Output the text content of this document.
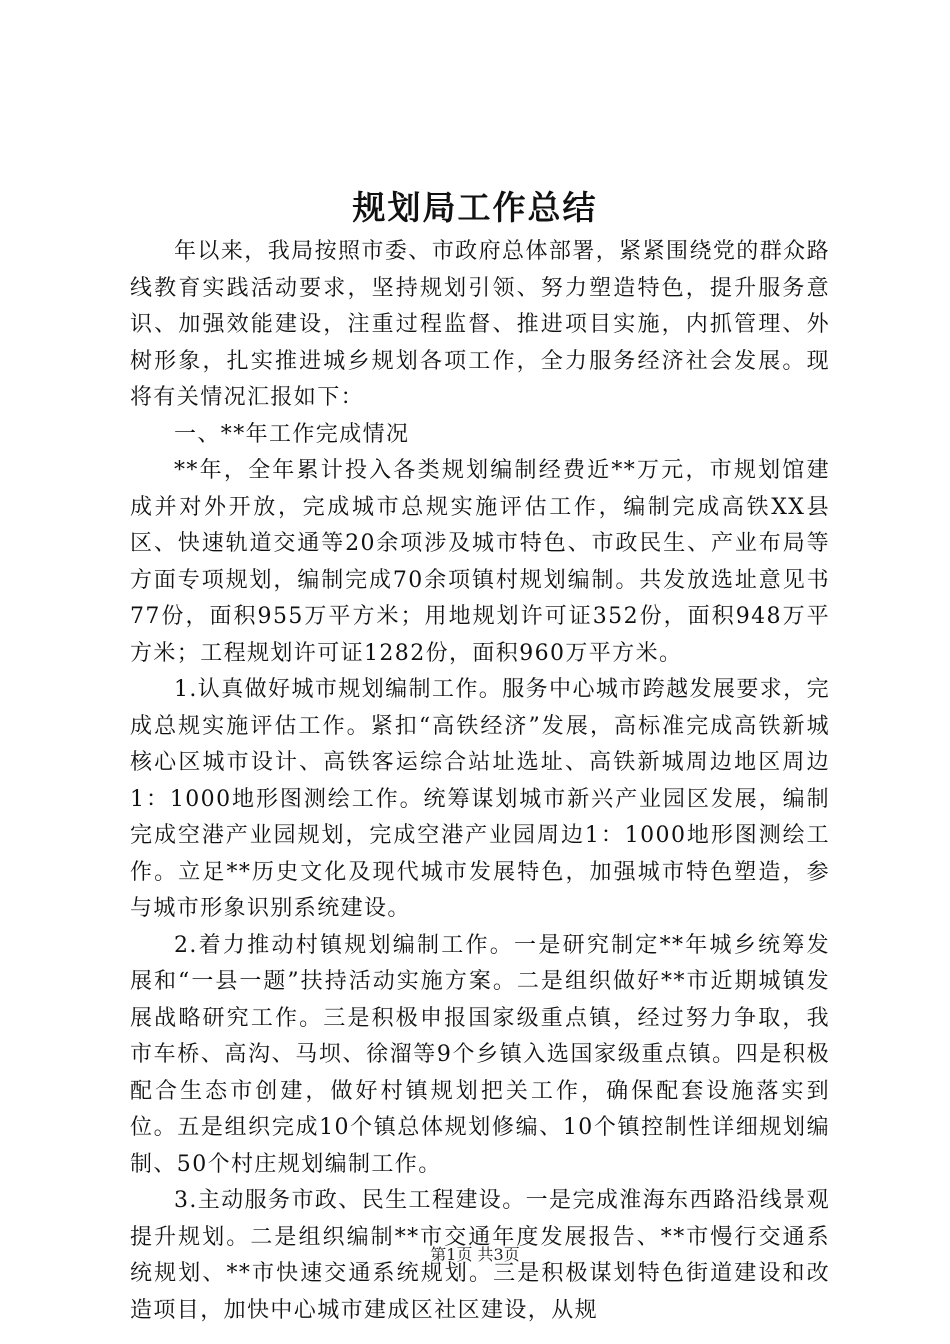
规划局工作总结

年以来，我局按照市委、市政府总体部署，紧紧围绕党的群众路线教育实践活动要求，坚持规划引领、努力塑造特色，提升服务意识、加强效能建设，注重过程监督、推进项目实施，内抓管理、外树形象，扎实推进城乡规划各项工作，全力服务经济社会发展。现将有关情况汇报如下：

一、**年工作完成情况

**年，全年累计投入各类规划编制经费近**万元，市规划馆建成并对外开放，完成城市总规实施评估工作，编制完成高铁XX县区、快速轨道交通等20余项涉及城市特色、市政民生、产业布局等方面专项规划，编制完成70余项镇村规划编制。共发放选址意见书77份，面积955万平方米；用地规划许可证352份，面积948万平方米；工程规划许可证1282份，面积960万平方米。

1.认真做好城市规划编制工作。服务中心城市跨越发展要求，完成总规实施评估工作。紧扣“高铁经济”发展，高标准完成高铁新城核心区城市设计、高铁客运综合站址选址、高铁新城周边地区周边1：1000地形图测绘工作。统筹谋划城市新兴产业园区发展，编制完成空港产业园规划，完成空港产业园周边1：1000地形图测绘工作。立足**历史文化及现代城市发展特色，加强城市特色塑造，参与城市形象识别系统建设。

2.着力推动村镇规划编制工作。一是研究制定**年城乡统筹发展和“一县一题”扶持活动实施方案。二是组织做好**市近期城镇发展战略研究工作。三是积极申报国家级重点镇，经过努力争取，我市车桥、高沟、马坝、徐溜等9个乡镇入选国家级重点镇。四是积极配合生态市创建，做好村镇规划把关工作，确保配套设施落实到位。五是组织完成10个镇总体规划修编、10个镇控制性详细规划编制、50个村庄规划编制工作。

3.主动服务市政、民生工程建设。一是完成淮海东西路沿线景观提升规划。二是组织编制**市交通年度发展报告、**市慢行交通系统规划、**市快速交通系统规划。三是积极谋划特色街道建设和改造项目，加快中心城市建成区社区建设，从规

第1页 共3页
